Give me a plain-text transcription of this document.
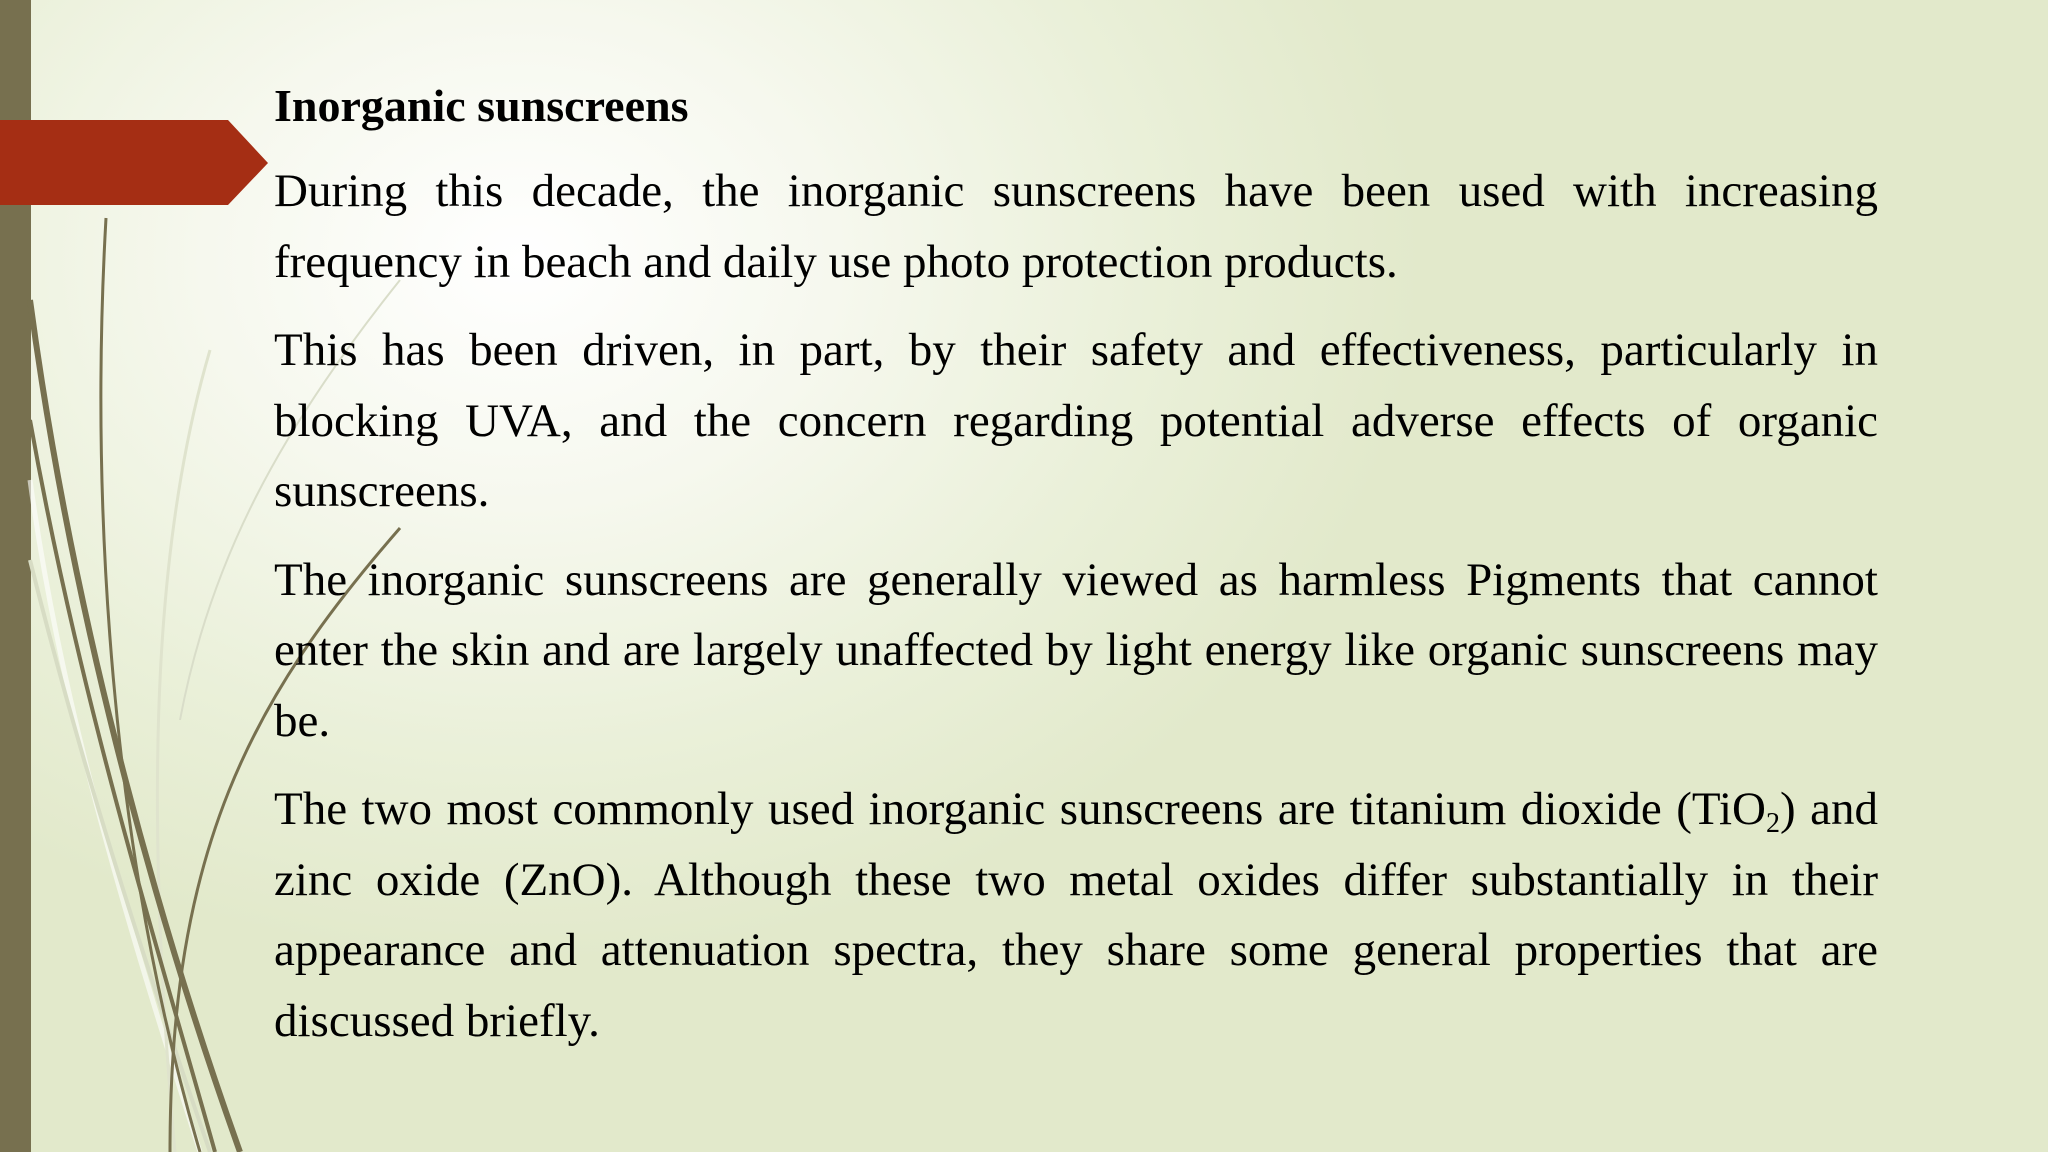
Inorganic sunscreens

During this decade, the inorganic sunscreens have been used with increasing frequency in beach and daily use photo protection products.

This has been driven, in part, by their safety and effectiveness, particularly in blocking UVA, and the concern regarding potential adverse effects of organic sunscreens.

The inorganic sunscreens are generally viewed as harmless Pigments that cannot enter the skin and are largely unaffected by light energy like organic sunscreens may be.

The two most commonly used inorganic sunscreens are titanium dioxide (TiO$_2$) and zinc oxide (ZnO). Although these two metal oxides differ substantially in their appearance and attenuation spectra, they share some general properties that are discussed briefly.
